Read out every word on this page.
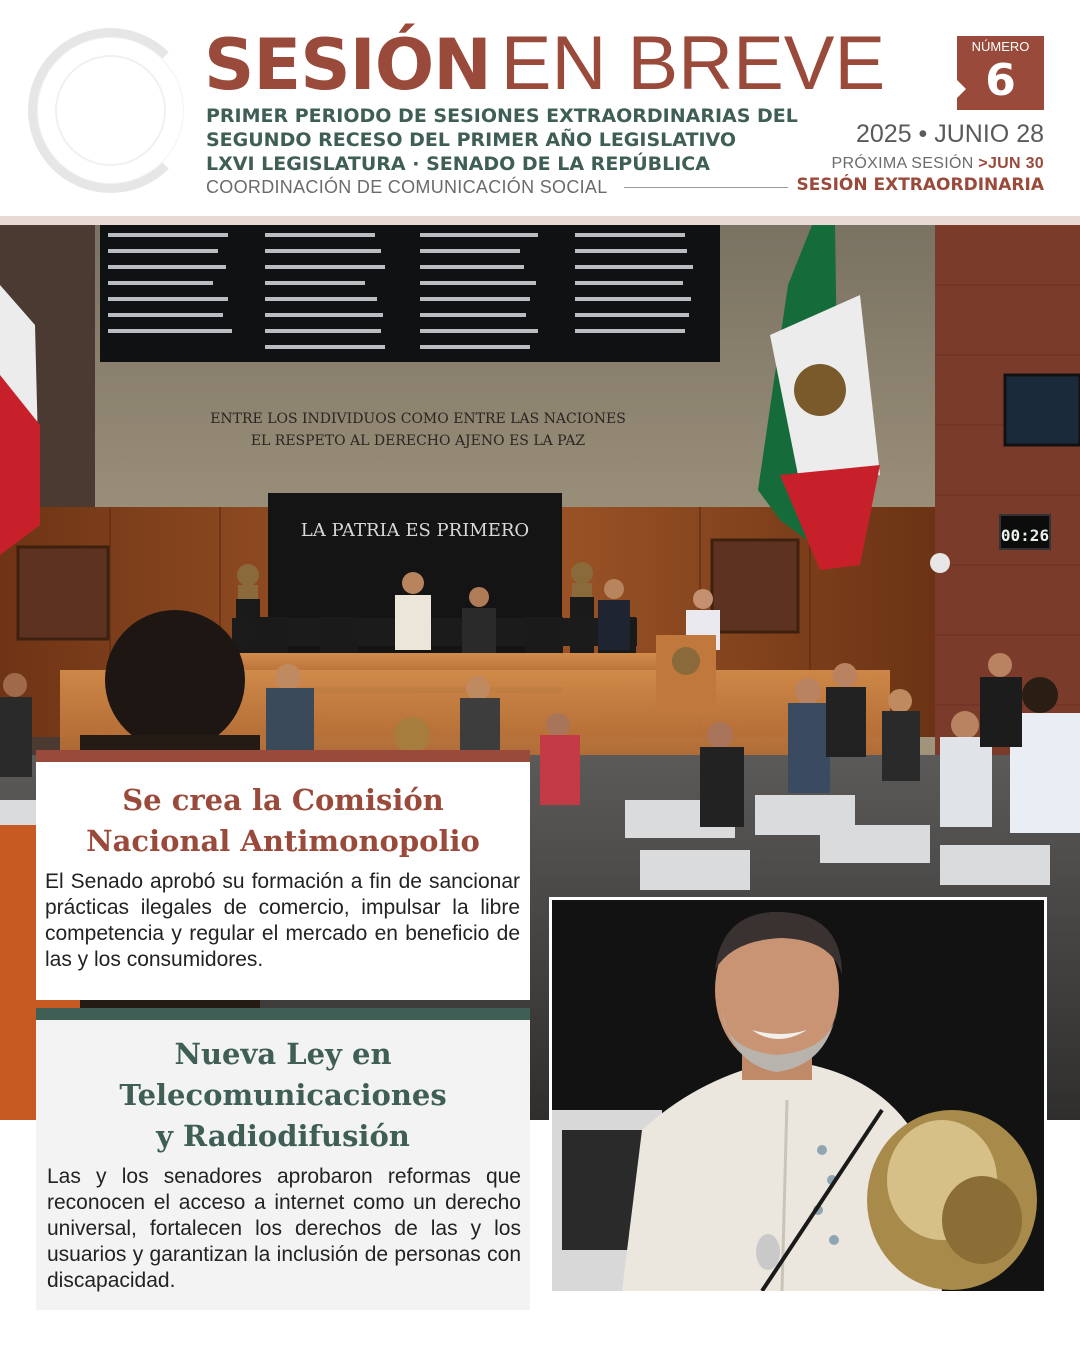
SESIÓN EN BREVE
PRIMER PERIODO DE SESIONES EXTRAORDINARIAS DEL
SEGUNDO RECESO DEL PRIMER AÑO LEGISLATIVO
LXVI LEGISLATURA · SENADO DE LA REPÚBLICA
COORDINACIÓN DE COMUNICACIÓN SOCIAL
NÚMERO
6
2025 • JUNIO 28
PRÓXIMA SESIÓN >JUN 30
SESIÓN EXTRAORDINARIA
ENTRE LOS INDIVIDUOS COMO ENTRE LAS NACIONES
EL RESPETO AL DERECHO AJENO ES LA PAZ
LA PATRIA ES PRIMERO	00:26
Se crea la Comisión
Nacional Antimonopolio
El Senado aprobó su formación a fin de sancionar prácticas ilegales de comercio, impulsar la libre competencia y regular el mercado en beneficio de las y los consumidores.
Nueva Ley en
Telecomunicaciones
y Radiodifusión
Las y los senadores aprobaron reformas que reconocen el acceso a internet como un derecho universal, fortalecen los derechos de las y los usuarios y garantizan la inclusión de personas con discapacidad.
